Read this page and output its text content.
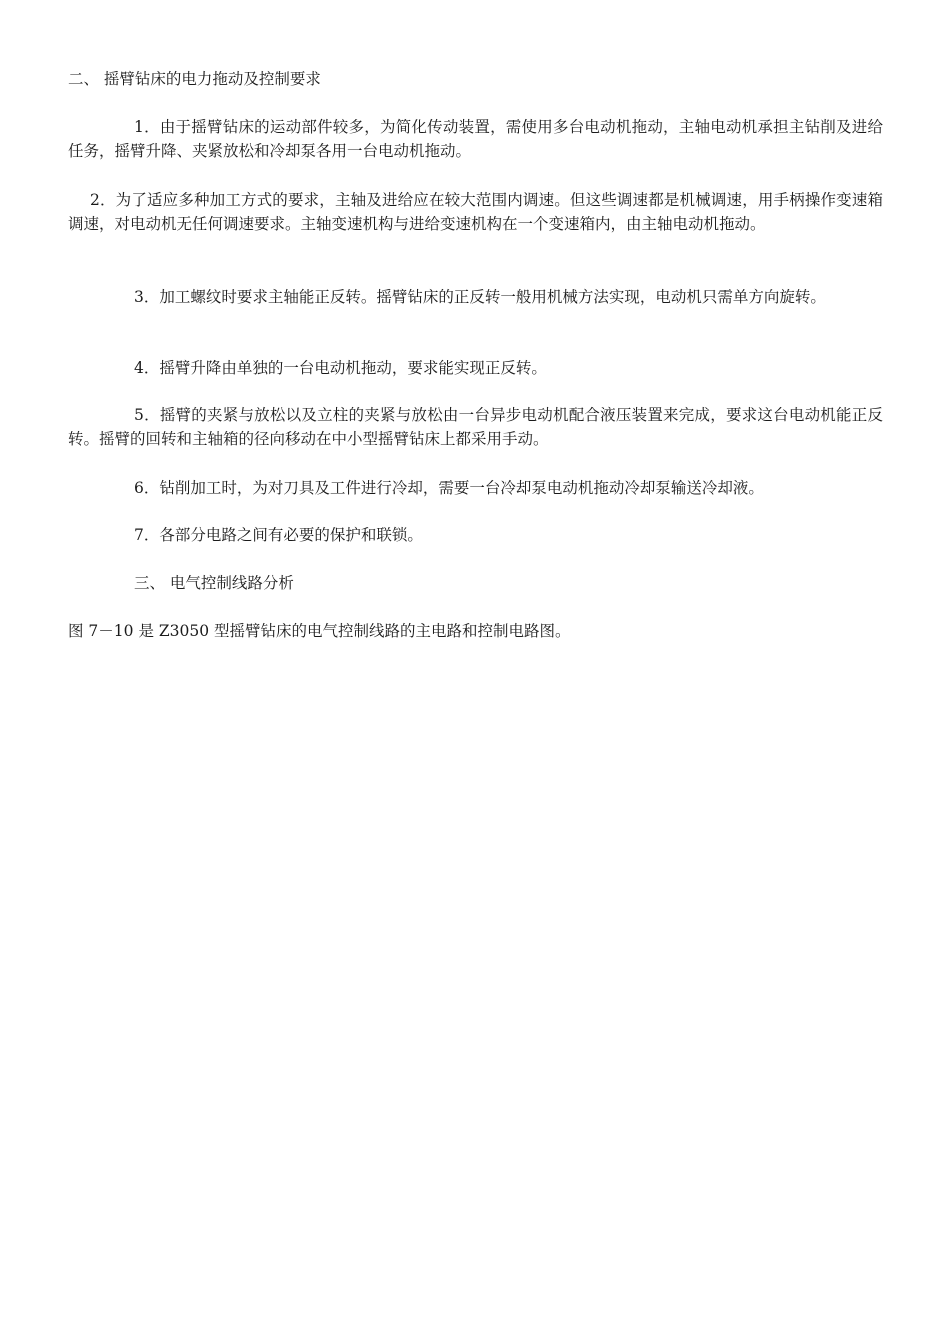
二、 摇臂钻床的电力拖动及控制要求
1．由于摇臂钻床的运动部件较多，为简化传动装置，需使用多台电动机拖动，主轴电动机承担主钻削及进给任务，摇臂升降、夹紧放松和冷却泵各用一台电动机拖动。
2．为了适应多种加工方式的要求，主轴及进给应在较大范围内调速。但这些调速都是机械调速，用手柄操作变速箱调速，对电动机无任何调速要求。主轴变速机构与进给变速机构在一个变速箱内，由主轴电动机拖动。
3．加工螺纹时要求主轴能正反转。摇臂钻床的正反转一般用机械方法实现，电动机只需单方向旋转。
4．摇臂升降由单独的一台电动机拖动，要求能实现正反转。
5．摇臂的夹紧与放松以及立柱的夹紧与放松由一台异步电动机配合液压装置来完成，要求这台电动机能正反转。摇臂的回转和主轴箱的径向移动在中小型摇臂钻床上都采用手动。
6．钻削加工时，为对刀具及工件进行冷却，需要一台冷却泵电动机拖动冷却泵输送冷却液。
7．各部分电路之间有必要的保护和联锁。
三、 电气控制线路分析
图 7－10 是 Z3050 型摇臂钻床的电气控制线路的主电路和控制电路图。
